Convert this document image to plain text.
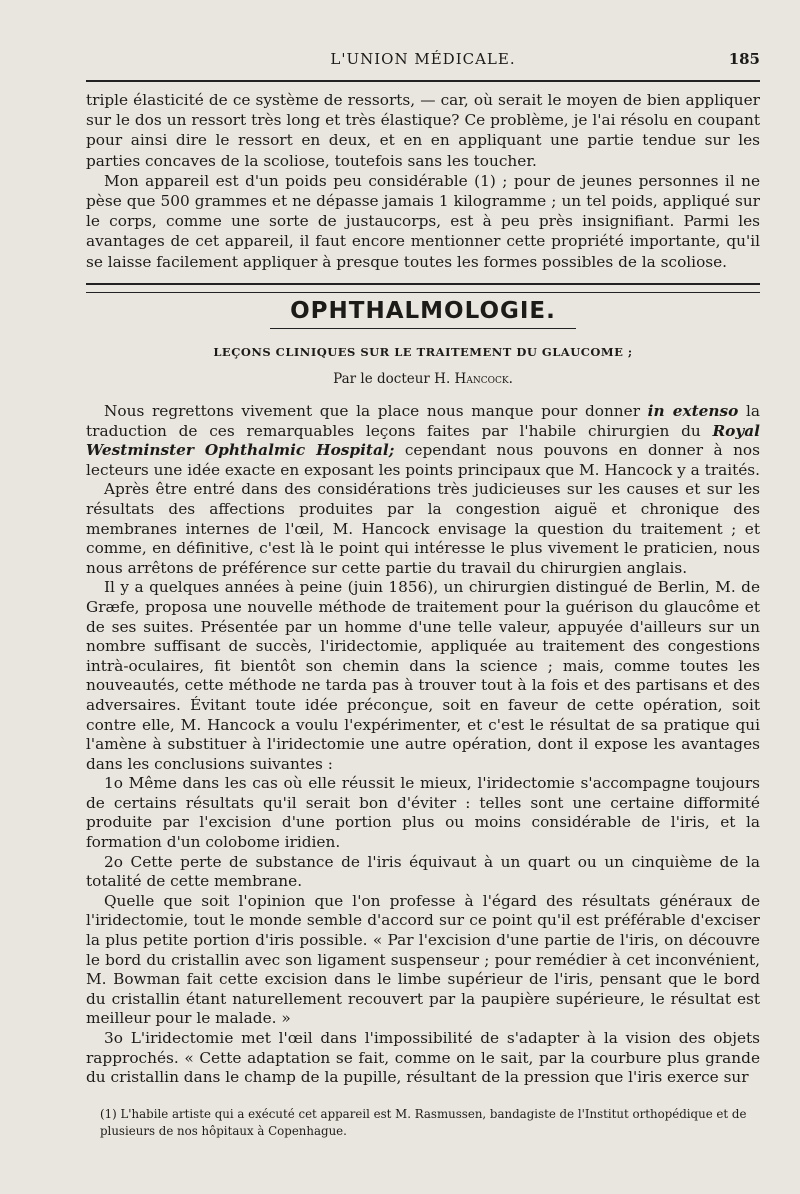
L'UNION MÉDICALE.	185

triple élasticité de ce système de ressorts, — car, où serait le moyen de bien appliquer sur le dos un ressort très long et très élastique? Ce problème, je l'ai résolu en coupant pour ainsi dire le ressort en deux, et en en appliquant une partie tendue sur les parties concaves de la scoliose, toutefois sans les toucher.

Mon appareil est d'un poids peu considérable (1) ; pour de jeunes personnes il ne pèse que 500 grammes et ne dépasse jamais 1 kilogramme ; un tel poids, appliqué sur le corps, comme une sorte de justaucorps, est à peu près insignifiant. Parmi les avantages de cet appareil, il faut encore mentionner cette propriété importante, qu'il se laisse facilement appliquer à presque toutes les formes possibles de la scoliose.

OPHTHALMOLOGIE.
LEÇONS CLINIQUES SUR LE TRAITEMENT DU GLAUCOME ;
Par le docteur H. Hancock.

Nous regrettons vivement que la place nous manque pour donner in extenso la traduction de ces remarquables leçons faites par l'habile chirurgien du Royal Westminster Ophthalmic Hospital; cependant nous pouvons en donner à nos lecteurs une idée exacte en exposant les points principaux que M. Hancock y a traités.

Après être entré dans des considérations très judicieuses sur les causes et sur les résultats des affections produites par la congestion aiguë et chronique des membranes internes de l'œil, M. Hancock envisage la question du traitement ; et comme, en définitive, c'est là le point qui intéresse le plus vivement le praticien, nous nous arrêtons de préférence sur cette partie du travail du chirurgien anglais.

Il y a quelques années à peine (juin 1856), un chirurgien distingué de Berlin, M. de Græfe, proposa une nouvelle méthode de traitement pour la guérison du glaucôme et de ses suites. Présentée par un homme d'une telle valeur, appuyée d'ailleurs sur un nombre suffisant de succès, l'iridectomie, appliquée au traitement des congestions intrà-oculaires, fit bientôt son chemin dans la science ; mais, comme toutes les nouveautés, cette méthode ne tarda pas à trouver tout à la fois et des partisans et des adversaires. Évitant toute idée préconçue, soit en faveur de cette opération, soit contre elle, M. Hancock a voulu l'expérimenter, et c'est le résultat de sa pratique qui l'amène à substituer à l'iridectomie une autre opération, dont il expose les avantages dans les conclusions suivantes :

1o Même dans les cas où elle réussit le mieux, l'iridectomie s'accompagne toujours de certains résultats qu'il serait bon d'éviter : telles sont une certaine difformité produite par l'excision d'une portion plus ou moins considérable de l'iris, et la formation d'un colobome iridien.

2o Cette perte de substance de l'iris équivaut à un quart ou un cinquième de la totalité de cette membrane.

Quelle que soit l'opinion que l'on professe à l'égard des résultats généraux de l'iridectomie, tout le monde semble d'accord sur ce point qu'il est préférable d'exciser la plus petite portion d'iris possible. « Par l'excision d'une partie de l'iris, on découvre le bord du cristallin avec son ligament suspenseur ; pour remédier à cet inconvénient, M. Bowman fait cette excision dans le limbe supérieur de l'iris, pensant que le bord du cristallin étant naturellement recouvert par la paupière supérieure, le résultat est meilleur pour le malade. »

3o L'iridectomie met l'œil dans l'impossibilité de s'adapter à la vision des objets rapprochés. « Cette adaptation se fait, comme on le sait, par la courbure plus grande du cristallin dans le champ de la pupille, résultant de la pression que l'iris exerce sur

(1) L'habile artiste qui a exécuté cet appareil est M. Rasmussen, bandagiste de l'Institut orthopédique et de plusieurs de nos hôpitaux à Copenhague.
